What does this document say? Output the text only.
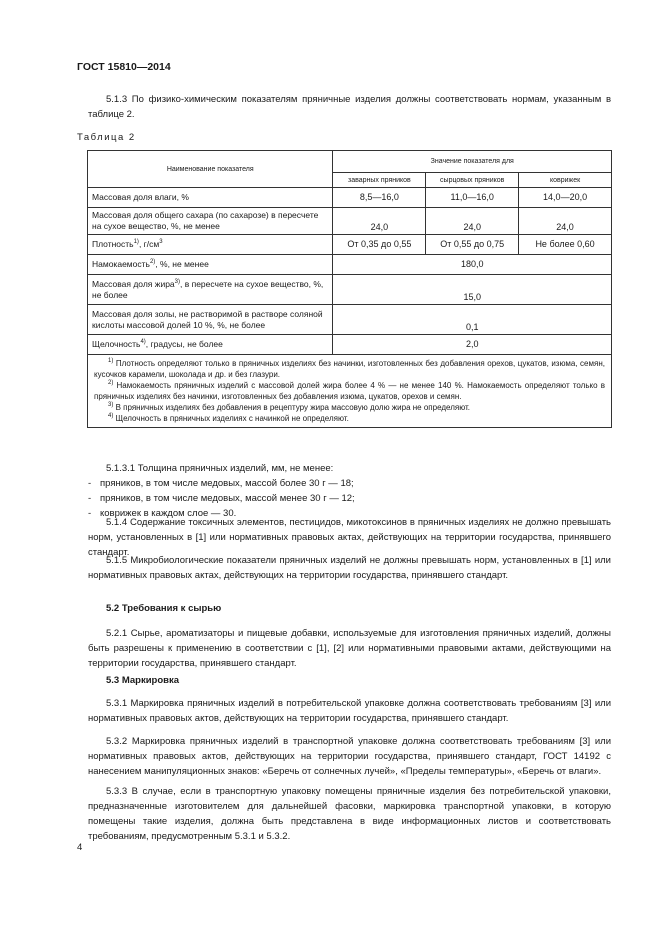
ГОСТ 15810—2014
5.1.3 По физико-химическим показателям пряничные изделия должны соответствовать нормам, указанным в таблице 2.
Таблица 2
Наименование показателя	Значение показателя для		
	заварных пряников	сырцовых пряников	коврижек
Массовая доля влаги, %	8,5—16,0	11,0—16,0	14,0—20,0
Массовая доля общего сахара (по сахарозе) в пересчете на сухое вещество, %, не менее	24,0	24,0	24,0
Плотность$^{1)}$, $г/см^3$	От 0,35 до 0,55	От 0,55 до 0,75	Не более 0,60
Намокаемость$^{2)}$, %, не менее	180,0		
Массовая доля жира$^{3)}$, в пересчете на сухое вещество, %, не более	15,0		
Массовая доля золы, не растворимой в растворе соляной кислоты массовой долей 10 %, %, не более	0,1		
Щелочность$^{4)}$, градусы, не более	2,0		

$^{1)}$ Плотность определяют только в пряничных изделиях без начинки, изготовленных без добавления орехов, цукатов, изюма, семян, кусочков карамели, шоколада и др. и без глазури.
$^{2)}$ Намокаемость пряничных изделий с массовой долей жира более 4 % — не менее 140 %. Намокаемость определяют только в пряничных изделиях без начинки, изготовленных без добавления изюма, цукатов, орехов и семян.
$^{3)}$ В пряничных изделиях без добавления в рецептуру жира массовую долю жира не определяют.
$^{4)}$ Щелочность в пряничных изделиях с начинкой не определяют.			
5.1.3.1 Толщина пряничных изделий, мм, не менее:
- пряников, в том числе медовых, массой более 30 г — 18;
- пряников, в том числе медовых, массой менее 30 г — 12;
- коврижек в каждом слое — 30.
5.1.4 Содержание токсичных элементов, пестицидов, микотоксинов в пряничных изделиях не должно превышать норм, установленных в [1] или нормативных правовых актах, действующих на территории государства, принявшего стандарт.
5.1.5 Микробиологические показатели пряничных изделий не должны превышать норм, установленных в [1] или нормативных правовых актах, действующих на территории государства, принявшего стандарт.
5.2 Требования к сырью
5.2.1 Сырье, ароматизаторы и пищевые добавки, используемые для изготовления пряничных изделий, должны быть разрешены к применению в соответствии с [1], [2] или нормативными правовыми актами, действующими на территории государства, принявшего стандарт.
5.3 Маркировка
5.3.1 Маркировка пряничных изделий в потребительской упаковке должна соответствовать требованиям [3] или нормативных правовых актов, действующих на территории государства, принявшего стандарт.
5.3.2 Маркировка пряничных изделий в транспортной упаковке должна соответствовать требованиям [3] или нормативных правовых актов, действующих на территории государства, принявшего стандарт, ГОСТ 14192 с нанесением манипуляционных знаков: «Беречь от солнечных лучей», «Пределы температуры», «Беречь от влаги».
5.3.3 В случае, если в транспортную упаковку помещены пряничные изделия без потребительской упаковки, предназначенные изготовителем для дальнейшей фасовки, маркировка транспортной упаковки, в которую помещены такие изделия, должна быть представлена в виде информационных листов и соответствовать требованиям, предусмотренным 5.3.1 и 5.3.2.
4
